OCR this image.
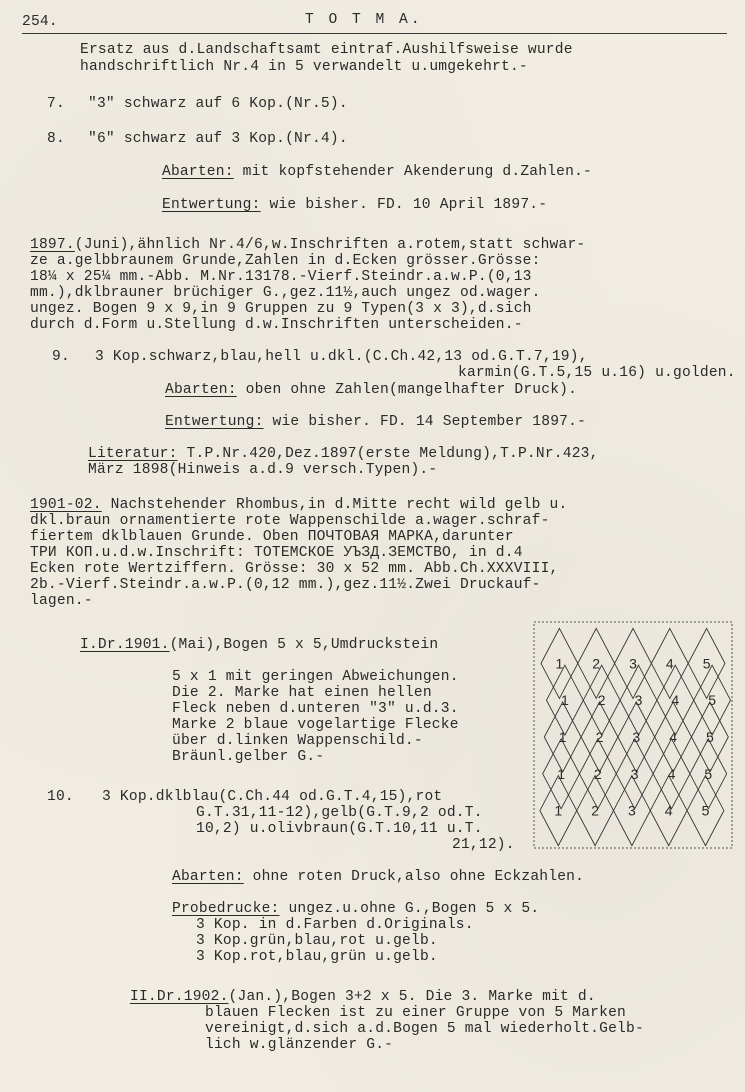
254.	T O T M A.
Ersatz aus d.Landschaftsamt eintraf.Aushilfsweise wurde
handschriftlich Nr.4 in 5 verwandelt u.umgekehrt.-
7. "3" schwarz auf 6 Kop.(Nr.5).
8. "6" schwarz auf 3 Kop.(Nr.4).
Abarten: mit kopfstehender Akenderung d.Zahlen.-
Entwertung: wie bisher. FD. 10 April 1897.-
1897.(Juni),ähnlich Nr.4/6,w.Inschriften a.rotem,statt schwar-
ze a.gelbbraunem Grunde,Zahlen in d.Ecken grösser.Grösse:
18¼ x 25¼ mm.-Abb. M.Nr.13178.-Vierf.Steindr.a.w.P.(0,13
mm.),dklbrauner brüchiger G.,gez.11½,auch ungez od.wager.
ungez. Bogen 9 x 9,in 9 Gruppen zu 9 Typen(3 x 3),d.sich
durch d.Form u.Stellung d.w.Inschriften unterscheiden.-
9. 3 Kop.schwarz,blau,hell u.dkl.(C.Ch.42,13 od.G.T.7,19),
karmin(G.T.5,15 u.16) u.golden.
Abarten: oben ohne Zahlen(mangelhafter Druck).
Entwertung: wie bisher. FD. 14 September 1897.-
Literatur: T.P.Nr.420,Dez.1897(erste Meldung),T.P.Nr.423,
März 1898(Hinweis a.d.9 versch.Typen).-
1901-02. Nachstehender Rhombus,in d.Mitte recht wild gelb u.
dkl.braun ornamentierte rote Wappenschilde a.wager.schraf-
fiertem dklblauen Grunde. Oben ПОЧТОВАЯ МАРКА,darunter
ТРИ КОП.u.d.w.Inschrift: ТОТЕМСКОЕ УЪЗД.ЗЕМСТВО, in d.4
Ecken rote Wertziffern. Grösse: 30 x 52 mm. Abb.Ch.XXXVIII,
2b.-Vierf.Steindr.a.w.P.(0,12 mm.),gez.11½.Zwei Druckauf-
lagen.-
I.Dr.1901.(Mai),Bogen 5 x 5,Umdruckstein
5 x 1 mit geringen Abweichungen.
Die 2. Marke hat einen hellen
Fleck neben d.unteren "3" u.d.3.
Marke 2 blaue vogelartige Flecke
über d.linken Wappenschild.-
Bräunl.gelber G.-
10. 3 Kop.dklblau(C.Ch.44 od.G.T.4,15),rot
G.T.31,11-12),gelb(G.T.9,2 od.T.
10,2) u.olivbraun(G.T.10,11 u.T.
21,12).
Abarten: ohne roten Druck,also ohne Eckzahlen.
Probedrucke: ungez.u.ohne G.,Bogen 5 x 5.
3 Kop. in d.Farben d.Originals.
3 Kop.grün,blau,rot u.gelb.
3 Kop.rot,blau,grün u.gelb.
II.Dr.1902.(Jan.),Bogen 3+2 x 5. Die 3. Marke mit d.
blauen Flecken ist zu einer Gruppe von 5 Marken
vereinigt,d.sich a.d.Bogen 5 mal wiederholt.Gelb-
lich w.glänzender G.-
1 2 3 4 5
1 2 3 4 5
1 2 3 4 5
1 2 3 4 5
1 2 3 4 5
